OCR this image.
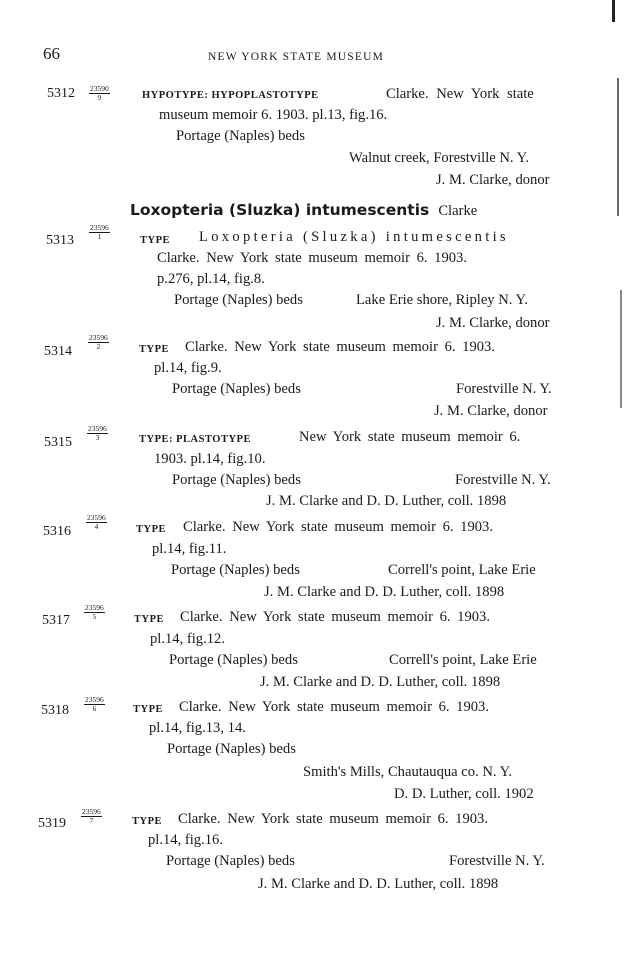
66	NEW YORK STATE MUSEUM
$5312 \frac{23590}{9}$	HYPOTYPE: HYPOPLASTOTYPE	Clarke. New York state
museum memoir 6. 1903. pl.13, fig.16.
Portage (Naples) beds
Walnut creek, Forestville N. Y.
J. M. Clarke, donor
Loxopteria (Sluzka) intumescentis Clarke
$5313 \frac{23596}{1}$	TYPE Loxopteria (Sluzka) intumescentis
Clarke. New York state museum memoir 6. 1903.
p.276, pl.14, fig.8.
Portage (Naples) beds	Lake Erie shore, Ripley N. Y.
J. M. Clarke, donor
5314
$\frac{23596}{2}$	TYPE Clarke. New York state museum memoir 6. 1903.
pl.14, fig.9.
Portage (Naples) beds	Forestville N. Y.
J. M. Clarke, donor
5315
$\frac{23596}{3}$	TYPE: PLASTOTYPE	New York state museum memoir 6.
1903. pl.14, fig.10.
Portage (Naples) beds	Forestville N. Y.
J. M. Clarke and D. D. Luther, coll. 1898
5316
$\frac{23596}{4}$	TYPE Clarke. New York state museum memoir 6. 1903.
pl.14, fig.11.
Portage (Naples) beds	Correll's point, Lake Erie
J. M. Clarke and D. D. Luther, coll. 1898
$5317 \frac{23596}{5}$	TYPE Clarke. New York state museum memoir 6. 1903.
pl.14, fig.12.
Portage (Naples) beds	Correll's point, Lake Erie
J. M. Clarke and D. D. Luther, coll. 1898
$5318 \frac{23596}{6}$	TYPE Clarke. New York state museum memoir 6. 1903.
pl.14, fig.13, 14.
Portage (Naples) beds
Smith's Mills, Chautauqua co. N. Y.
D. D. Luther, coll. 1902
$5319 \frac{23596}{7}$	TYPE Clarke. New York state museum memoir 6. 1903.
pl.14, fig.16.
Portage (Naples) beds	Forestville N. Y.
J. M. Clarke and D. D. Luther, coll. 1898
